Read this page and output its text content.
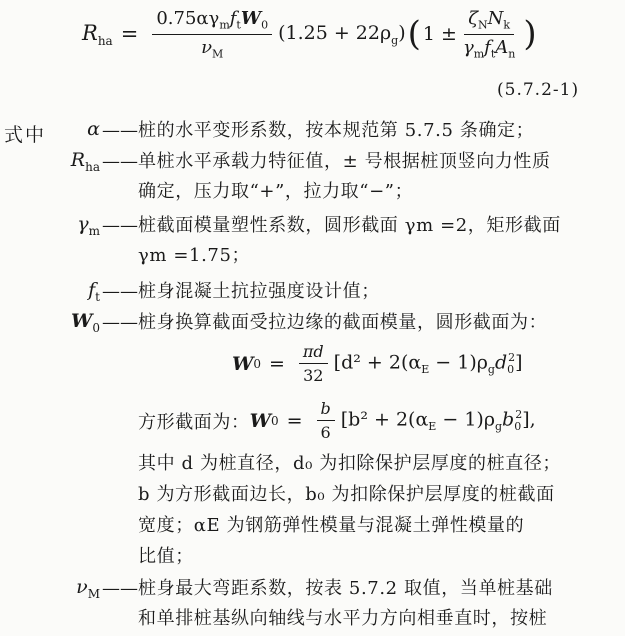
$R_{ha} = \frac{0.75\alpha\gamma_mf_tW_0}{\nu_M} (1.25 + 22\rho_g)$ ( $1 \pm \frac{\zeta_NN_k}{\gamma_mf_tA_n}$ )
(5.7.2-1)
式中	α —— 桩的水平变形系数，按本规范第 5.7.5 条确定；
$R_{ha}$ —— 单桩水平承载力特征值，± 号根据桩顶竖向力性质
确定，压力取“+”，拉力取“−”；
$\gamma_m$ —— 桩截面模量塑性系数，圆形截面 γm =2，矩形截面
γm =1.75；
$f_t$ —— 桩身混凝土抗拉强度设计值；
$W_0$ —— 桩身换算截面受拉边缘的截面模量，圆形截面为：
W $0 = \frac{\pi d}{32} [d^2 + 2(\alpha_E - 1)\rho_gd_0^2]$
方形截面为： W $0 = \frac{b}{6} [b^2 + 2(\alpha_E - 1)\rho_gb_0^2]$,
其中 d 为桩直径，d₀ 为扣除保护层厚度的桩直径；
b 为方形截面边长，b₀ 为扣除保护层厚度的桩截面
宽度；αE 为钢筋弹性模量与混凝土弹性模量的
比值；
$\nu_M$ —— 桩身最大弯距系数，按表 5.7.2 取值，当单桩基础
和单排桩基纵向轴线与水平力方向相垂直时，按桩
